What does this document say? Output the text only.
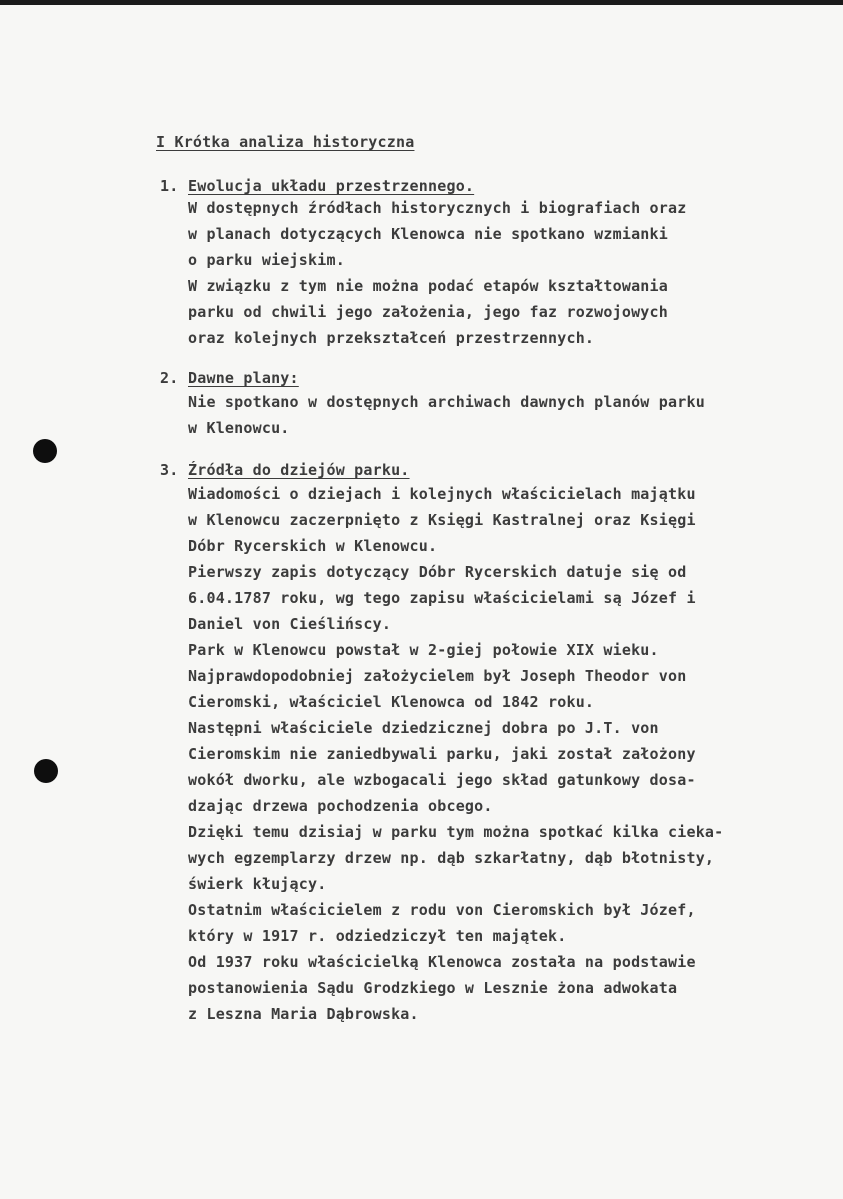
I Krótka analiza historyczna
1. Ewolucja układu przestrzennego.
W dostępnych źródłach historycznych i biografiach oraz
w planach dotyczących Klenowca nie spotkano wzmianki
o parku wiejskim.
W związku z tym nie można podać etapów kształtowania
parku od chwili jego założenia, jego faz rozwojowych
oraz kolejnych przekształceń przestrzennych.
2. Dawne plany:
Nie spotkano w dostępnych archiwach dawnych planów parku
w Klenowcu.
3. Źródła do dziejów parku.
Wiadomości o dziejach i kolejnych właścicielach majątku
w Klenowcu zaczerpnięto z Księgi Kastralnej oraz Księgi
Dóbr Rycerskich w Klenowcu.
Pierwszy zapis dotyczący Dóbr Rycerskich datuje się od
6.04.1787 roku, wg tego zapisu właścicielami są Józef i
Daniel von Cieślińscy.
Park w Klenowcu powstał w 2-giej połowie XIX wieku.
Najprawdopodobniej założycielem był Joseph Theodor von
Cieromski, właściciel Klenowca od 1842 roku.
Następni właściciele dziedzicznej dobra po J.T. von
Cieromskim nie zaniedbywali parku, jaki został założony
wokół dworku, ale wzbogacali jego skład gatunkowy dosa-
dzając drzewa pochodzenia obcego.
Dzięki temu dzisiaj w parku tym można spotkać kilka cieka-
wych egzemplarzy drzew np. dąb szkarłatny, dąb błotnisty,
świerk kłujący.
Ostatnim właścicielem z rodu von Cieromskich był Józef,
który w 1917 r. odziedziczył ten majątek.
Od 1937 roku właścicielką Klenowca została na podstawie
postanowienia Sądu Grodzkiego w Lesznie żona adwokata
z Leszna Maria Dąbrowska.
